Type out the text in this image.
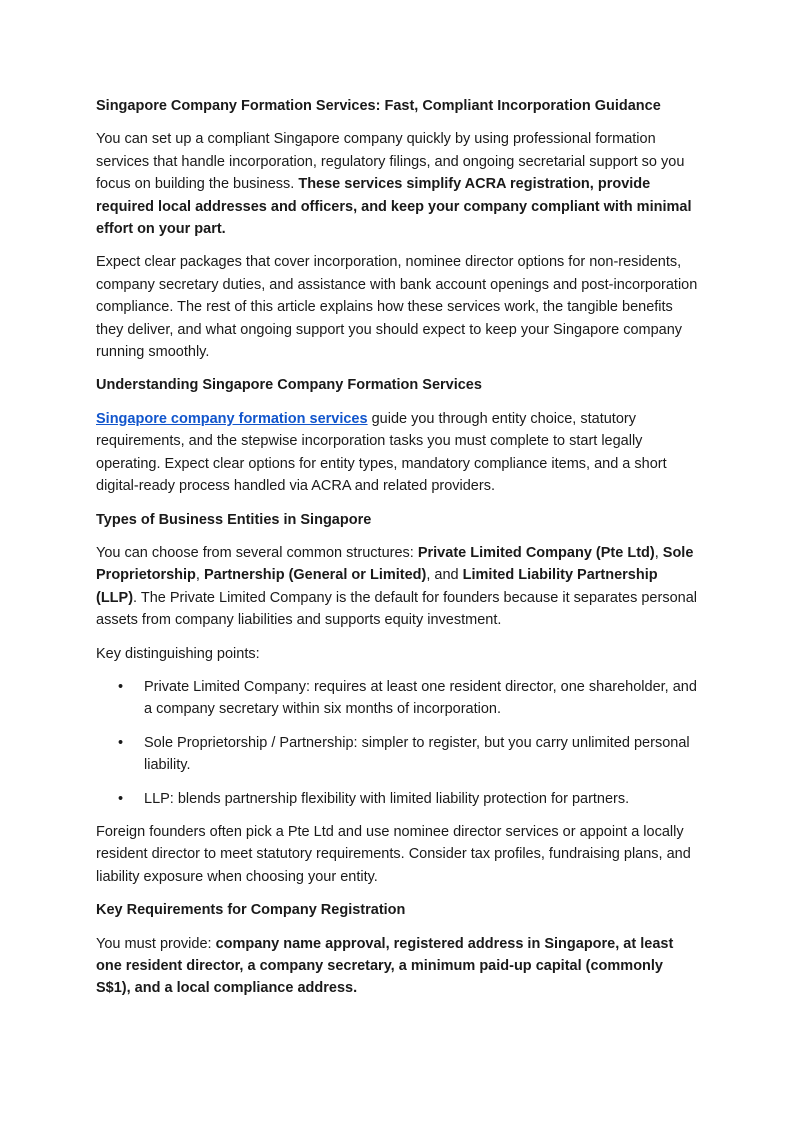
Singapore Company Formation Services: Fast, Compliant Incorporation Guidance

You can set up a compliant Singapore company quickly by using professional formation services that handle incorporation, regulatory filings, and ongoing secretarial support so you focus on building the business. These services simplify ACRA registration, provide required local addresses and officers, and keep your company compliant with minimal effort on your part.

Expect clear packages that cover incorporation, nominee director options for non-residents, company secretary duties, and assistance with bank account openings and post-incorporation compliance. The rest of this article explains how these services work, the tangible benefits they deliver, and what ongoing support you should expect to keep your Singapore company running smoothly.

Understanding Singapore Company Formation Services

Singapore company formation services guide you through entity choice, statutory requirements, and the stepwise incorporation tasks you must complete to start legally operating. Expect clear options for entity types, mandatory compliance items, and a short digital-ready process handled via ACRA and related providers.

Types of Business Entities in Singapore

You can choose from several common structures: Private Limited Company (Pte Ltd), Sole Proprietorship, Partnership (General or Limited), and Limited Liability Partnership (LLP). The Private Limited Company is the default for founders because it separates personal assets from company liabilities and supports equity investment.

Key distinguishing points:

• Private Limited Company: requires at least one resident director, one shareholder, and a company secretary within six months of incorporation.
• Sole Proprietorship / Partnership: simpler to register, but you carry unlimited personal liability.
• LLP: blends partnership flexibility with limited liability protection for partners.

Foreign founders often pick a Pte Ltd and use nominee director services or appoint a locally resident director to meet statutory requirements. Consider tax profiles, fundraising plans, and liability exposure when choosing your entity.

Key Requirements for Company Registration

You must provide: company name approval, registered address in Singapore, at least one resident director, a company secretary, a minimum paid-up capital (commonly S$1), and a local compliance address.
